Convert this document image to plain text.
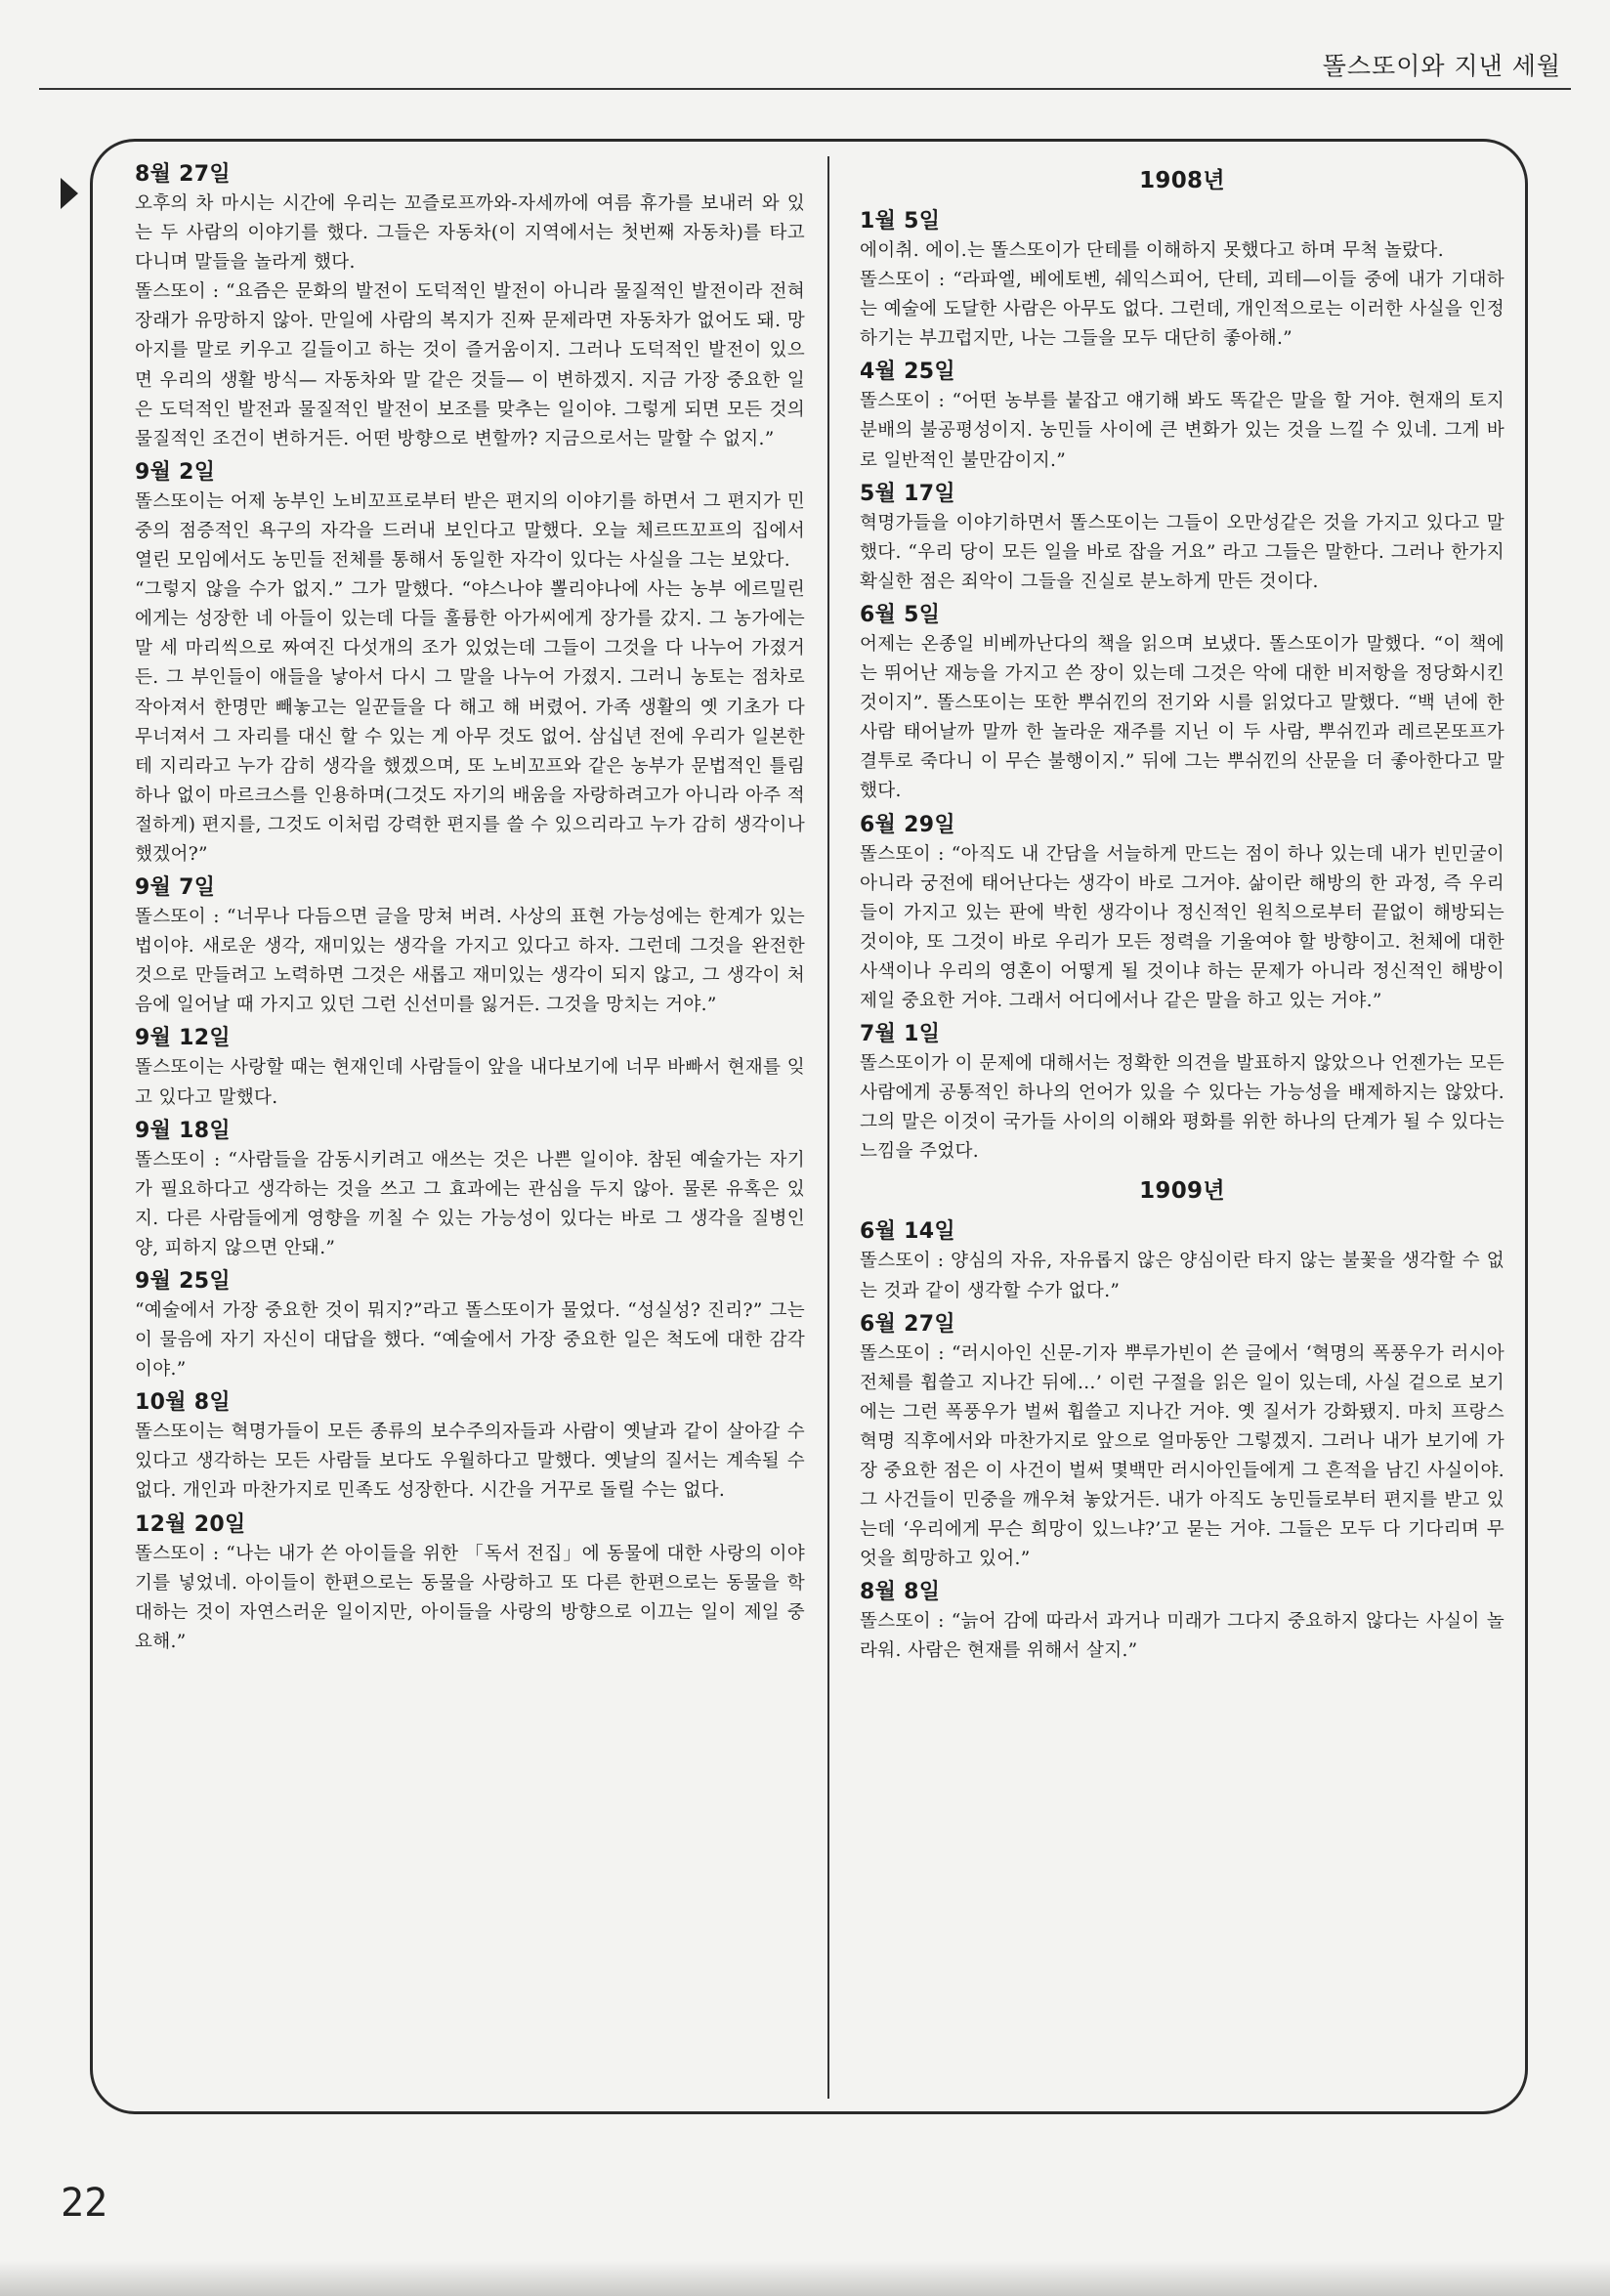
똘스또이와 지낸 세월
8월 27일

오후의 차 마시는 시간에 우리는 꼬즐로프까와-자세까에 여름 휴가를 보내러 와 있는 두 사람의 이야기를 했다. 그들은 자동차(이 지역에서는 첫번째 자동차)를 타고 다니며 말들을 놀라게 했다.

똘스또이 : “요즘은 문화의 발전이 도덕적인 발전이 아니라 물질적인 발전이라 전혀 장래가 유망하지 않아. 만일에 사람의 복지가 진짜 문제라면 자동차가 없어도 돼. 망아지를 말로 키우고 길들이고 하는 것이 즐거움이지. 그러나 도덕적인 발전이 있으면 우리의 생활 방식— 자동차와 말 같은 것들— 이 변하겠지. 지금 가장 중요한 일은 도덕적인 발전과 물질적인 발전이 보조를 맞추는 일이야. 그렇게 되면 모든 것의 물질적인 조건이 변하거든. 어떤 방향으로 변할까? 지금으로서는 말할 수 없지.”

9월 2일

똘스또이는 어제 농부인 노비꼬프로부터 받은 편지의 이야기를 하면서 그 편지가 민중의 점증적인 욕구의 자각을 드러내 보인다고 말했다. 오늘 체르뜨꼬프의 집에서 열린 모임에서도 농민들 전체를 통해서 동일한 자각이 있다는 사실을 그는 보았다.

“그렇지 않을 수가 없지.” 그가 말했다. “야스나야 뽈리야나에 사는 농부 에르밀린에게는 성장한 네 아들이 있는데 다들 훌륭한 아가씨에게 장가를 갔지. 그 농가에는 말 세 마리씩으로 짜여진 다섯개의 조가 있었는데 그들이 그것을 다 나누어 가졌거든. 그 부인들이 애들을 낳아서 다시 그 말을 나누어 가졌지. 그러니 농토는 점차로 작아져서 한명만 빼놓고는 일꾼들을 다 해고 해 버렸어. 가족 생활의 옛 기초가 다 무너져서 그 자리를 대신 할 수 있는 게 아무 것도 없어. 삼십년 전에 우리가 일본한테 지리라고 누가 감히 생각을 했겠으며, 또 노비꼬프와 같은 농부가 문법적인 틀림 하나 없이 마르크스를 인용하며(그것도 자기의 배움을 자랑하려고가 아니라 아주 적절하게) 편지를, 그것도 이처럼 강력한 편지를 쓸 수 있으리라고 누가 감히 생각이나 했겠어?”

9월 7일

똘스또이 : “너무나 다듬으면 글을 망쳐 버려. 사상의 표현 가능성에는 한계가 있는 법이야. 새로운 생각, 재미있는 생각을 가지고 있다고 하자. 그런데 그것을 완전한 것으로 만들려고 노력하면 그것은 새롭고 재미있는 생각이 되지 않고, 그 생각이 처음에 일어날 때 가지고 있던 그런 신선미를 잃거든. 그것을 망치는 거야.”

9월 12일

똘스또이는 사랑할 때는 현재인데 사람들이 앞을 내다보기에 너무 바빠서 현재를 잊고 있다고 말했다.

9월 18일

똘스또이 : “사람들을 감동시키려고 애쓰는 것은 나쁜 일이야. 참된 예술가는 자기가 필요하다고 생각하는 것을 쓰고 그 효과에는 관심을 두지 않아. 물론 유혹은 있지. 다른 사람들에게 영향을 끼칠 수 있는 가능성이 있다는 바로 그 생각을 질병인양, 피하지 않으면 안돼.”

9월 25일

“예술에서 가장 중요한 것이 뭐지?”라고 똘스또이가 물었다. “성실성? 진리?” 그는 이 물음에 자기 자신이 대답을 했다. “예술에서 가장 중요한 일은 척도에 대한 감각이야.”

10월 8일

똘스또이는 혁명가들이 모든 종류의 보수주의자들과 사람이 옛날과 같이 살아갈 수 있다고 생각하는 모든 사람들 보다도 우월하다고 말했다. 옛날의 질서는 계속될 수 없다. 개인과 마찬가지로 민족도 성장한다. 시간을 거꾸로 돌릴 수는 없다.

12월 20일

똘스또이 : “나는 내가 쓴 아이들을 위한 「독서 전집」에 동물에 대한 사랑의 이야기를 넣었네. 아이들이 한편으로는 동물을 사랑하고 또 다른 한편으로는 동물을 학대하는 것이 자연스러운 일이지만, 아이들을 사랑의 방향으로 이끄는 일이 제일 중요해.”

1908년
1월 5일

에이취. 에이.는 똘스또이가 단테를 이해하지 못했다고 하며 무척 놀랐다.

똘스또이 : “라파엘, 베에토벤, 쉐익스피어, 단테, 괴테—이들 중에 내가 기대하는 예술에 도달한 사람은 아무도 없다. 그런데, 개인적으로는 이러한 사실을 인정하기는 부끄럽지만, 나는 그들을 모두 대단히 좋아해.”

4월 25일

똘스또이 : “어떤 농부를 붙잡고 얘기해 봐도 똑같은 말을 할 거야. 현재의 토지 분배의 불공평성이지. 농민들 사이에 큰 변화가 있는 것을 느낄 수 있네. 그게 바로 일반적인 불만감이지.”

5월 17일

혁명가들을 이야기하면서 똘스또이는 그들이 오만성같은 것을 가지고 있다고 말했다. “우리 당이 모든 일을 바로 잡을 거요” 라고 그들은 말한다. 그러나 한가지 확실한 점은 죄악이 그들을 진실로 분노하게 만든 것이다.

6월 5일

어제는 온종일 비베까난다의 책을 읽으며 보냈다. 똘스또이가 말했다. “이 책에는 뛰어난 재능을 가지고 쓴 장이 있는데 그것은 악에 대한 비저항을 정당화시킨 것이지”. 똘스또이는 또한 뿌쉬낀의 전기와 시를 읽었다고 말했다. “백 년에 한 사람 태어날까 말까 한 놀라운 재주를 지닌 이 두 사람, 뿌쉬낀과 레르몬또프가 결투로 죽다니 이 무슨 불행이지.” 뒤에 그는 뿌쉬낀의 산문을 더 좋아한다고 말했다.

6월 29일

똘스또이 : “아직도 내 간담을 서늘하게 만드는 점이 하나 있는데 내가 빈민굴이 아니라 궁전에 태어난다는 생각이 바로 그거야. 삶이란 해방의 한 과정, 즉 우리들이 가지고 있는 판에 박힌 생각이나 정신적인 원칙으로부터 끝없이 해방되는 것이야, 또 그것이 바로 우리가 모든 정력을 기울여야 할 방향이고. 천체에 대한 사색이나 우리의 영혼이 어떻게 될 것이냐 하는 문제가 아니라 정신적인 해방이 제일 중요한 거야. 그래서 어디에서나 같은 말을 하고 있는 거야.”

7월 1일

똘스또이가 이 문제에 대해서는 정확한 의견을 발표하지 않았으나 언젠가는 모든 사람에게 공통적인 하나의 언어가 있을 수 있다는 가능성을 배제하지는 않았다. 그의 말은 이것이 국가들 사이의 이해와 평화를 위한 하나의 단계가 될 수 있다는 느낌을 주었다.

1909년
6월 14일

똘스또이 : 양심의 자유, 자유롭지 않은 양심이란 타지 않는 불꽃을 생각할 수 없는 것과 같이 생각할 수가 없다.”

6월 27일

똘스또이 : “러시아인 신문-기자 뿌루가빈이 쓴 글에서 ‘혁명의 폭풍우가 러시아 전체를 휩쓸고 지나간 뒤에…’ 이런 구절을 읽은 일이 있는데, 사실 겉으로 보기에는 그런 폭풍우가 벌써 휩쓸고 지나간 거야. 옛 질서가 강화됐지. 마치 프랑스 혁명 직후에서와 마찬가지로 앞으로 얼마동안 그렇겠지. 그러나 내가 보기에 가장 중요한 점은 이 사건이 벌써 몇백만 러시아인들에게 그 흔적을 남긴 사실이야. 그 사건들이 민중을 깨우쳐 놓았거든. 내가 아직도 농민들로부터 편지를 받고 있는데 ‘우리에게 무슨 희망이 있느냐?’고 묻는 거야. 그들은 모두 다 기다리며 무엇을 희망하고 있어.”

8월 8일

똘스또이 : “늙어 감에 따라서 과거나 미래가 그다지 중요하지 않다는 사실이 놀라워. 사람은 현재를 위해서 살지.”

22
